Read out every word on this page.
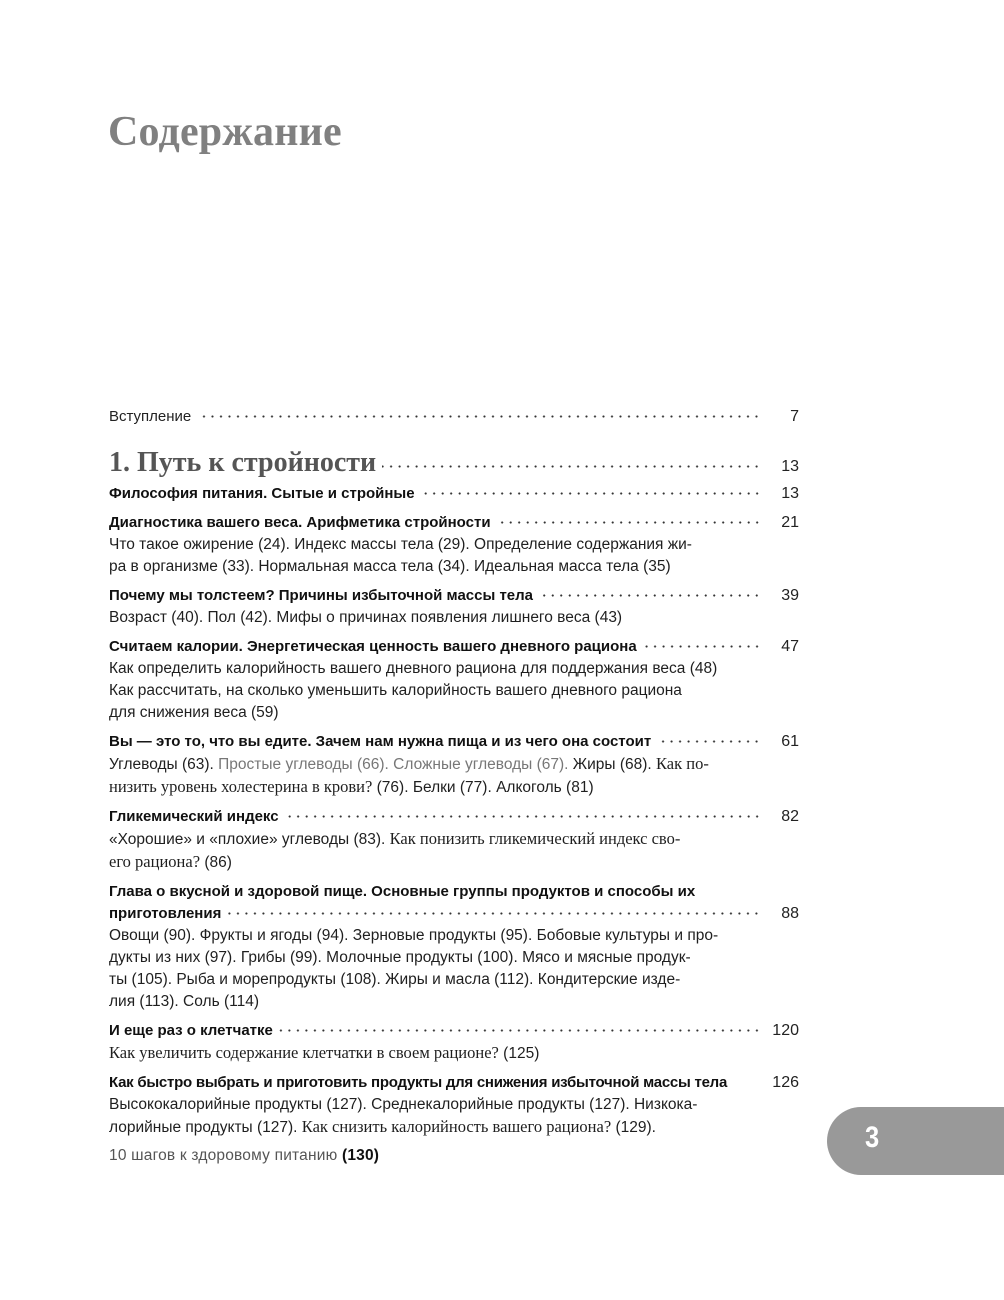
Содержание
Вступление	7
1. Путь к стройности	13
Философия питания. Сытые и стройные	13
Диагностика вашего веса. Арифметика стройности	21
Что такое ожирение (24). Индекс массы тела (29). Определение содержания жи-
ра в организме (33). Нормальная масса тела (34). Идеальная масса тела (35)
Почему мы толстеем? Причины избыточной массы тела	39
Возраст (40). Пол (42). Мифы о причинах появления лишнего веса (43)
Считаем калории. Энергетическая ценность вашего дневного рациона	47
Как определить калорийность вашего дневного рациона для поддержания веса (48)
Как рассчитать, на сколько уменьшить калорийность вашего дневного рациона
для снижения веса (59)
Вы — это то, что вы едите. Зачем нам нужна пища и из чего она состоит	61
Углеводы (63). Простые углеводы (66). Сложные углеводы (67). Жиры (68). Как по-
низить уровень холестерина в крови? (76). Белки (77). Алкоголь (81)
Гликемический индекс	82
«Хорошие» и «плохие» углеводы (83). Как понизить гликемический индекс сво-
его рациона? (86)
Глава о вкусной и здоровой пище. Основные группы продуктов и способы их
приготовления	88
Овощи (90). Фрукты и ягоды (94). Зерновые продукты (95). Бобовые культуры и про-
дукты из них (97). Грибы (99). Молочные продукты (100). Мясо и мясные продук-
ты (105). Рыба и морепродукты (108). Жиры и масла (112). Кондитерские изде-
лия (113). Соль (114)
И еще раз о клетчатке	120
Как увеличить содержание клетчатки в своем рационе? (125)
Как быстро выбрать и приготовить продукты для снижения избыточной массы тела	126
Высококалорийные продукты (127). Среднекалорийные продукты (127). Низкока-
лорийные продукты (127). Как снизить калорийность вашего рациона? (129).
10 шагов к здоровому питанию (130)
3
